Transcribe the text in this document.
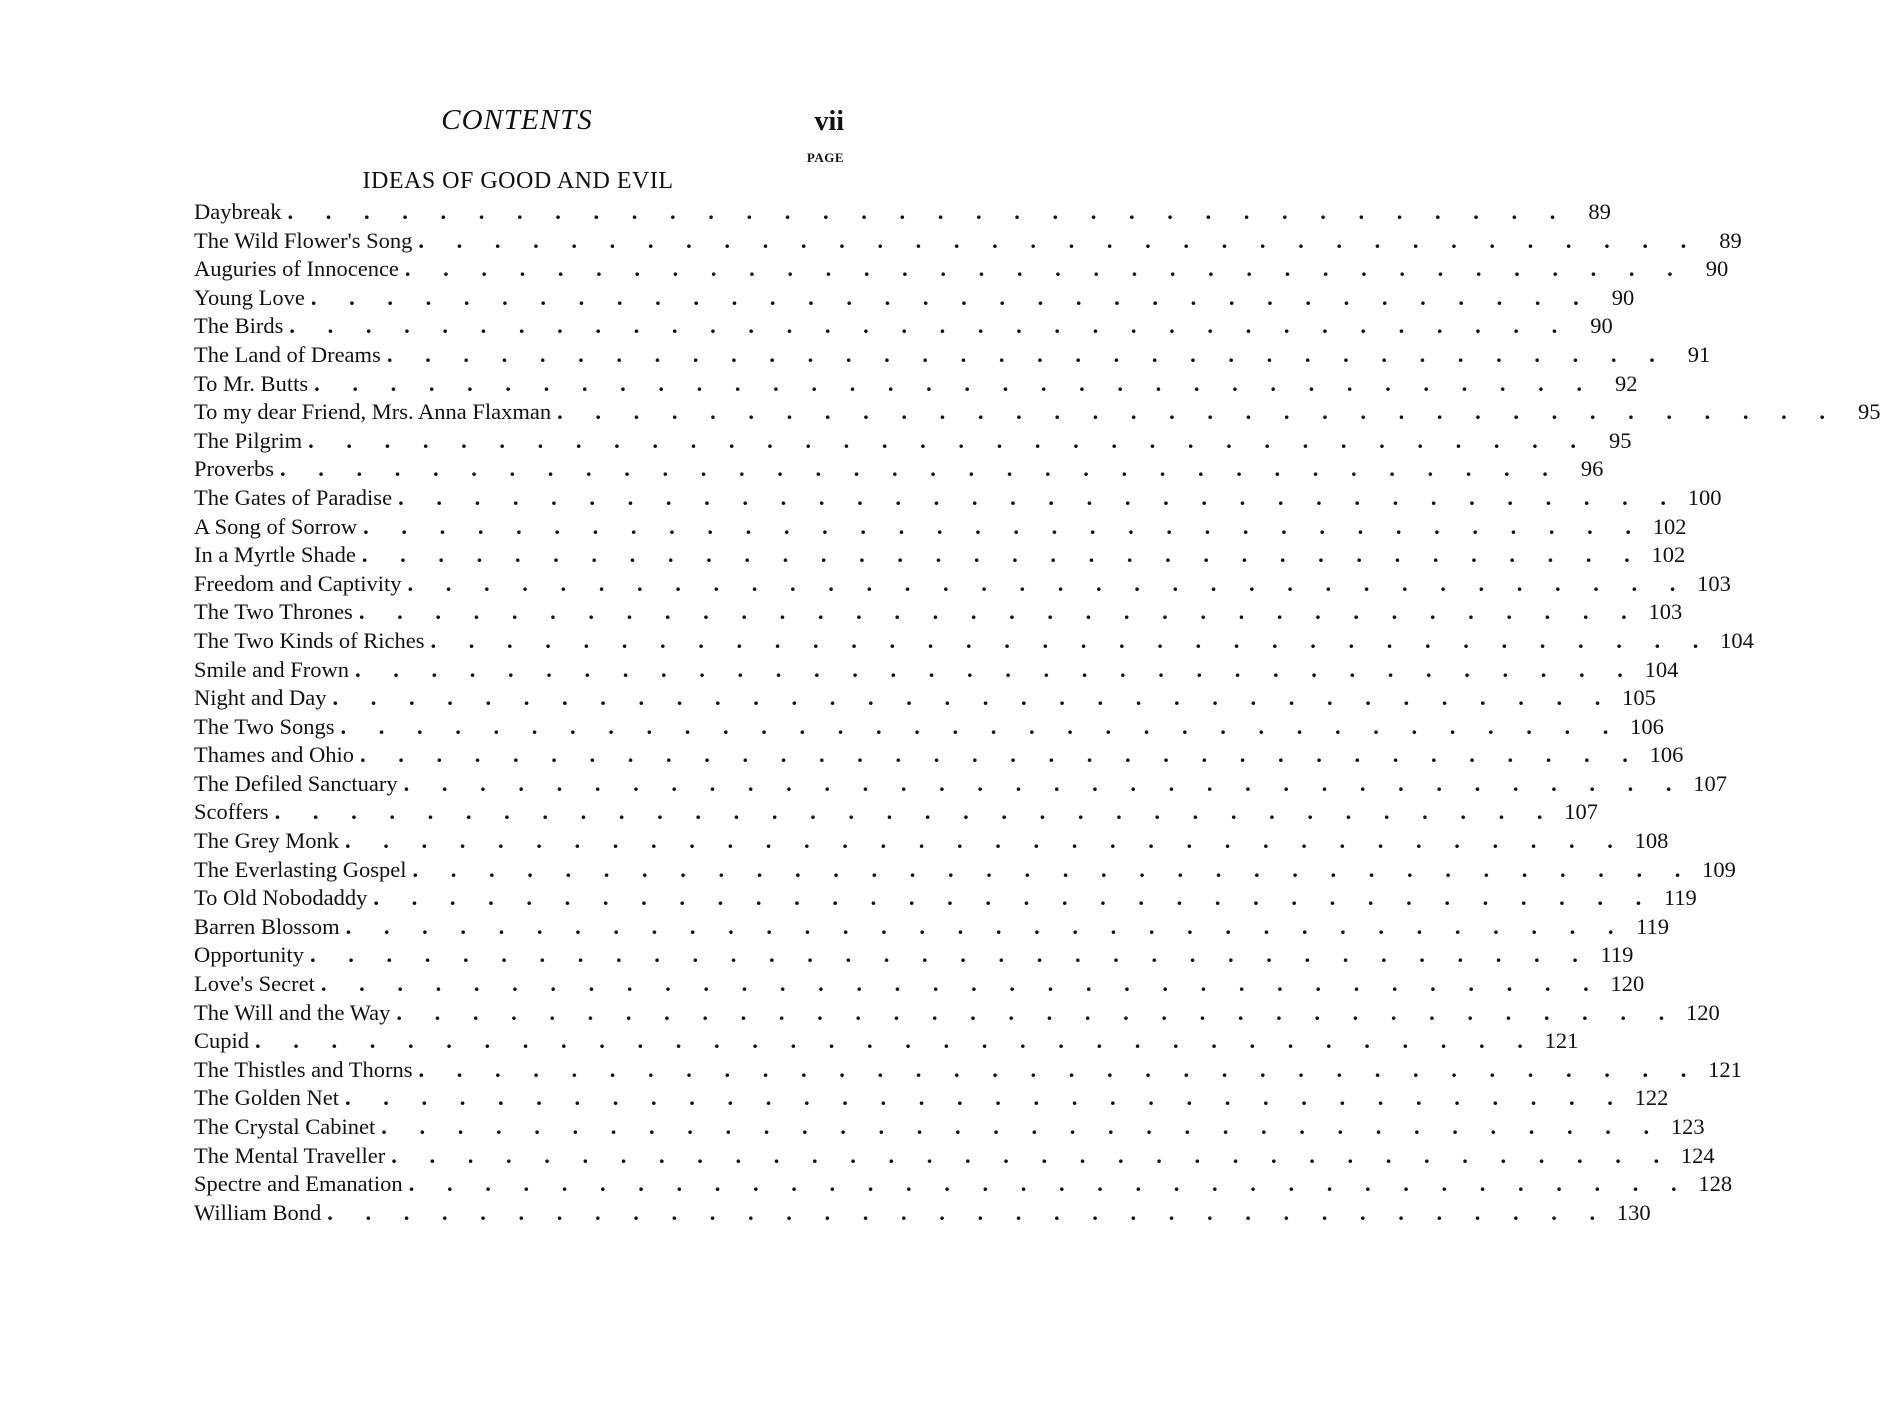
CONTENTS	vii
PAGE
IDEAS OF GOOD AND EVIL
Daybreak . . . . . . . . . . . . . . . . . . . . . . . . . . . . . . . . . . 89
The Wild Flower's Song . . . . . . . . . . . . . . . . . . . . . . . . . . . . . . . . . . 89
Auguries of Innocence . . . . . . . . . . . . . . . . . . . . . . . . . . . . . . . . . . 90
Young Love . . . . . . . . . . . . . . . . . . . . . . . . . . . . . . . . . . 90
The Birds . . . . . . . . . . . . . . . . . . . . . . . . . . . . . . . . . . 90
The Land of Dreams . . . . . . . . . . . . . . . . . . . . . . . . . . . . . . . . . . 91
To Mr. Butts . . . . . . . . . . . . . . . . . . . . . . . . . . . . . . . . . . 92
To my dear Friend, Mrs. Anna Flaxman . . . . . . . . . . . . . . . . . . . . . . . . . . . . . . . . . . 95
The Pilgrim . . . . . . . . . . . . . . . . . . . . . . . . . . . . . . . . . . 95
Proverbs . . . . . . . . . . . . . . . . . . . . . . . . . . . . . . . . . . 96
The Gates of Paradise . . . . . . . . . . . . . . . . . . . . . . . . . . . . . . . . . . 100
A Song of Sorrow . . . . . . . . . . . . . . . . . . . . . . . . . . . . . . . . . . 102
In a Myrtle Shade . . . . . . . . . . . . . . . . . . . . . . . . . . . . . . . . . . 102
Freedom and Captivity . . . . . . . . . . . . . . . . . . . . . . . . . . . . . . . . . . 103
The Two Thrones . . . . . . . . . . . . . . . . . . . . . . . . . . . . . . . . . . 103
The Two Kinds of Riches . . . . . . . . . . . . . . . . . . . . . . . . . . . . . . . . . . 104
Smile and Frown . . . . . . . . . . . . . . . . . . . . . . . . . . . . . . . . . . 104
Night and Day . . . . . . . . . . . . . . . . . . . . . . . . . . . . . . . . . . 105
The Two Songs . . . . . . . . . . . . . . . . . . . . . . . . . . . . . . . . . . 106
Thames and Ohio . . . . . . . . . . . . . . . . . . . . . . . . . . . . . . . . . . 106
The Defiled Sanctuary . . . . . . . . . . . . . . . . . . . . . . . . . . . . . . . . . . 107
Scoffers . . . . . . . . . . . . . . . . . . . . . . . . . . . . . . . . . . 107
The Grey Monk . . . . . . . . . . . . . . . . . . . . . . . . . . . . . . . . . . 108
The Everlasting Gospel . . . . . . . . . . . . . . . . . . . . . . . . . . . . . . . . . . 109
To Old Nobodaddy . . . . . . . . . . . . . . . . . . . . . . . . . . . . . . . . . . 119
Barren Blossom . . . . . . . . . . . . . . . . . . . . . . . . . . . . . . . . . . 119
Opportunity . . . . . . . . . . . . . . . . . . . . . . . . . . . . . . . . . . 119
Love's Secret . . . . . . . . . . . . . . . . . . . . . . . . . . . . . . . . . . 120
The Will and the Way . . . . . . . . . . . . . . . . . . . . . . . . . . . . . . . . . . 120
Cupid . . . . . . . . . . . . . . . . . . . . . . . . . . . . . . . . . . 121
The Thistles and Thorns . . . . . . . . . . . . . . . . . . . . . . . . . . . . . . . . . . 121
The Golden Net . . . . . . . . . . . . . . . . . . . . . . . . . . . . . . . . . . 122
The Crystal Cabinet . . . . . . . . . . . . . . . . . . . . . . . . . . . . . . . . . . 123
The Mental Traveller . . . . . . . . . . . . . . . . . . . . . . . . . . . . . . . . . . 124
Spectre and Emanation . . . . . . . . . . . . . . . . . . . . . . . . . . . . . . . . . . 128
William Bond . . . . . . . . . . . . . . . . . . . . . . . . . . . . . . . . . . 130
